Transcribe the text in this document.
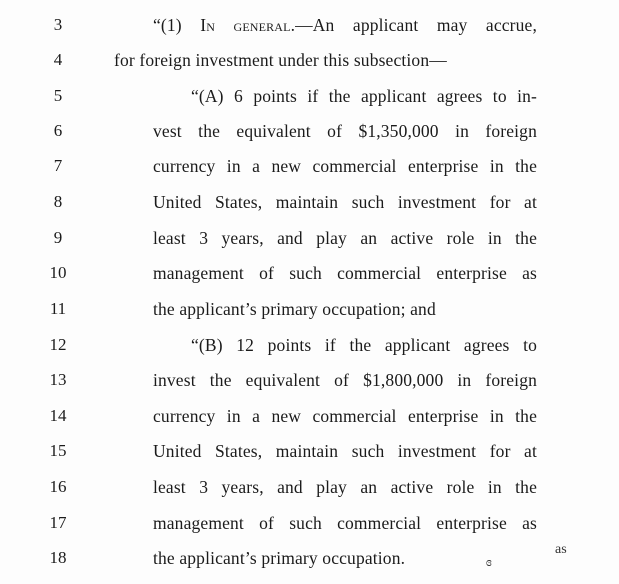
3	“(1) In general.—An applicant may accrue,
4	for foreign investment under this subsection—
5	“(A) 6 points if the applicant agrees to in-
6	vest the equivalent of $1,350,000 in foreign
7	currency in a new commercial enterprise in the
8	United States, maintain such investment for at
9	least 3 years, and play an active role in the
10	management of such commercial enterprise as
11	the applicant’s primary occupation; and
12	“(B) 12 points if the applicant agrees to
13	invest the equivalent of $1,800,000 in foreign
14	currency in a new commercial enterprise in the
15	United States, maintain such investment for at
16	least 3 years, and play an active role in the
17	management of such commercial enterprise as
18	the applicant’s primary occupation.	as
ɞ
